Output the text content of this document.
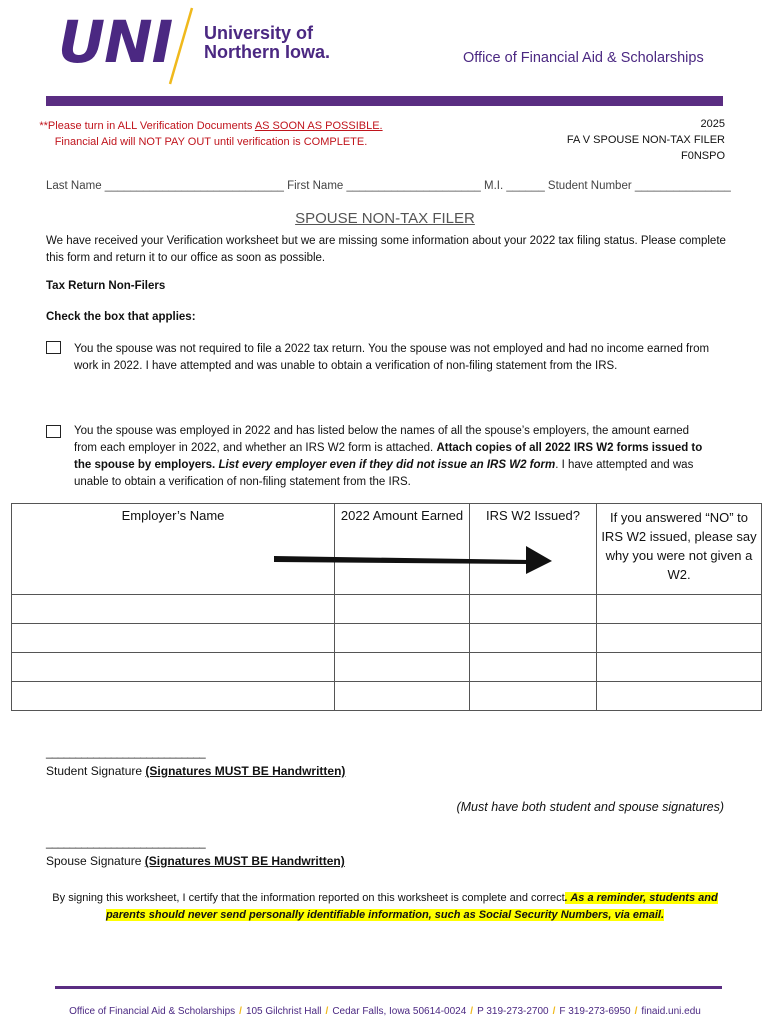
UNI University of
Northern Iowa.	Office of Financial Aid & Scholarships
**Please turn in ALL Verification Documents AS SOON AS POSSIBLE.
Financial Aid will NOT PAY OUT until verification is COMPLETE.
2025
FA V SPOUSE NON-TAX FILER
F0NSPO
Last Name ____________________________ First Name _____________________ M.I. ______ Student Number _______________
SPOUSE NON-TAX FILER
We have received your Verification worksheet but we are missing some information about your 2022 tax filing status. Please complete this form and return it to our office as soon as possible.
Tax Return Non-Filers
Check the box that applies:
You the spouse was not required to file a 2022 tax return. You the spouse was not employed and had no income earned from work in 2022. I have attempted and was unable to obtain a verification of non-filing statement from the IRS.
You the spouse was employed in 2022 and has listed below the names of all the spouse’s employers, the amount earned from each employer in 2022, and whether an IRS W2 form is attached. Attach copies of all 2022 IRS W2 forms issued to the spouse by employers. List every employer even if they did not issue an IRS W2 form. I have attempted and was unable to obtain a verification of non-filing statement from the IRS.
Employer’s Name	2022 Amount Earned	IRS W2 Issued?	If you answered “NO” to IRS W2 issued, please say why you were not given a W2.

___________________________
Student Signature (Signatures MUST BE Handwritten)
(Must have both student and spouse signatures)
___________________________
Spouse Signature (Signatures MUST BE Handwritten)
By signing this worksheet, I certify that the information reported on this worksheet is complete and correct. As a reminder, students and parents should never send personally identifiable information, such as Social Security Numbers, via email.
Office of Financial Aid & Scholarships / 105 Gilchrist Hall / Cedar Falls, Iowa 50614-0024 / P 319-273-2700 / F 319-273-6950 / finaid.uni.edu
